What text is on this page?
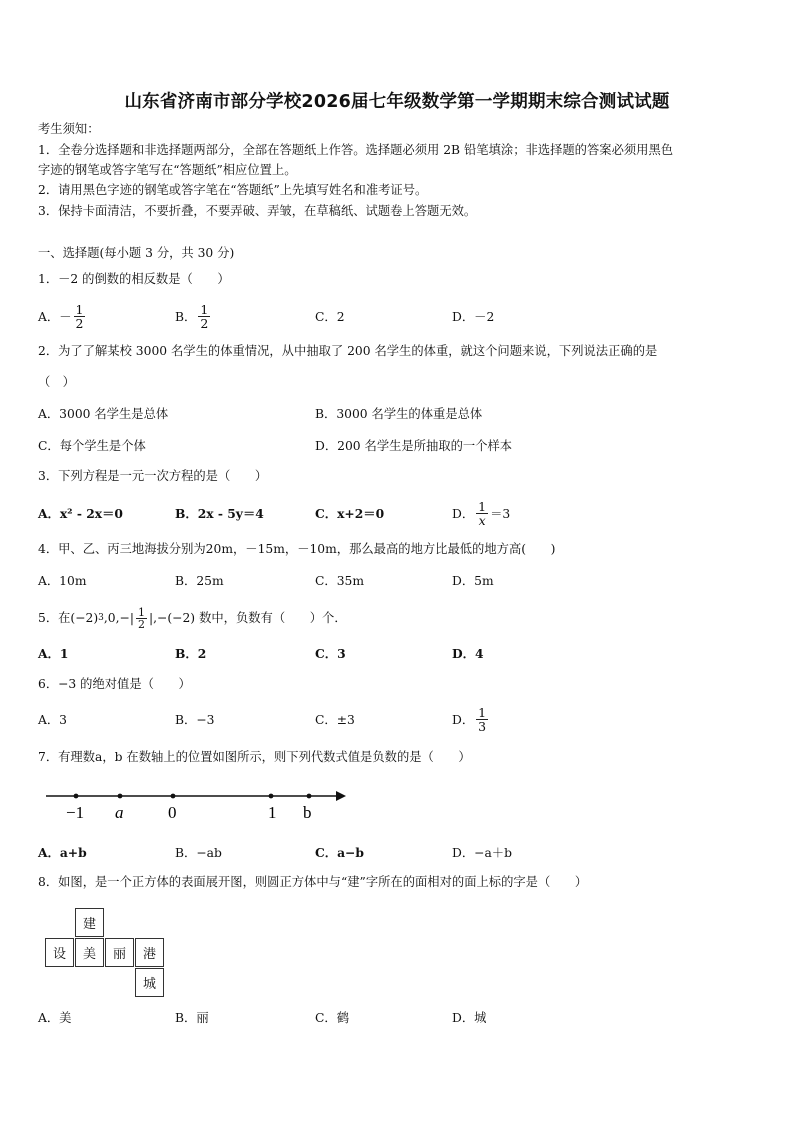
山东省济南市部分学校2026届七年级数学第一学期期末综合测试试题
考生须知：
1．全卷分选择题和非选择题两部分，全部在答题纸上作答。选择题必须用 2B 铅笔填涂；非选择题的答案必须用黑色
字迹的钢笔或答字笔写在“答题纸”相应位置上。
2．请用黑色字迹的钢笔或答字笔在“答题纸”上先填写姓名和准考证号。
3．保持卡面清洁，不要折叠，不要弄破、弄皱，在草稿纸、试题卷上答题无效。
一、选择题(每小题 3 分，共 30 分)
1．－2 的倒数的相反数是（　　）
A． － $\frac{1}{2}$	B． $\frac{1}{2}$	C．2	D．－2
2．为了了解某校 3000 名学生的体重情况，从中抽取了 200 名学生的体重，就这个问题来说，下列说法正确的是
（　）
A．3000 名学生是总体	B．3000 名学生的体重是总体
C．每个学生是个体	D．200 名学生是所抽取的一个样本
3．下列方程是一元一次方程的是（　　）
A．x² - 2x＝0	B．2x - 5y＝4	C．x+2＝0	D． $\frac{1}{x} =3$
4．甲、乙、丙三地海拔分别为20m，－15m，－10m，那么最高的地方比最低的地方高(　　)
A．10m	B．25m	C．35m	D．5m
5．在 (−2) 3 $,0,-| \frac{1}{2} |,-(-2)$ 数中，负数有（　　）个．
A．1	B．2	C．3	D．4
6．−3 的绝对值是（　　）
A．3	B．−3	C．±3	D． $\frac{1}{3}$
7．有理数a，b 在数轴上的位置如图所示，则下列代数式值是负数的是（　　）
−1 a	0	1 b
A．a+b	B．−ab	C．a−b	D．−a＋b
8．如图，是一个正方体的表面展开图，则圆正方体中与“建”字所在的面相对的面上标的字是（　　）
建
设	美	丽	港
城
A．美	B．丽	C．鹤	D．城
